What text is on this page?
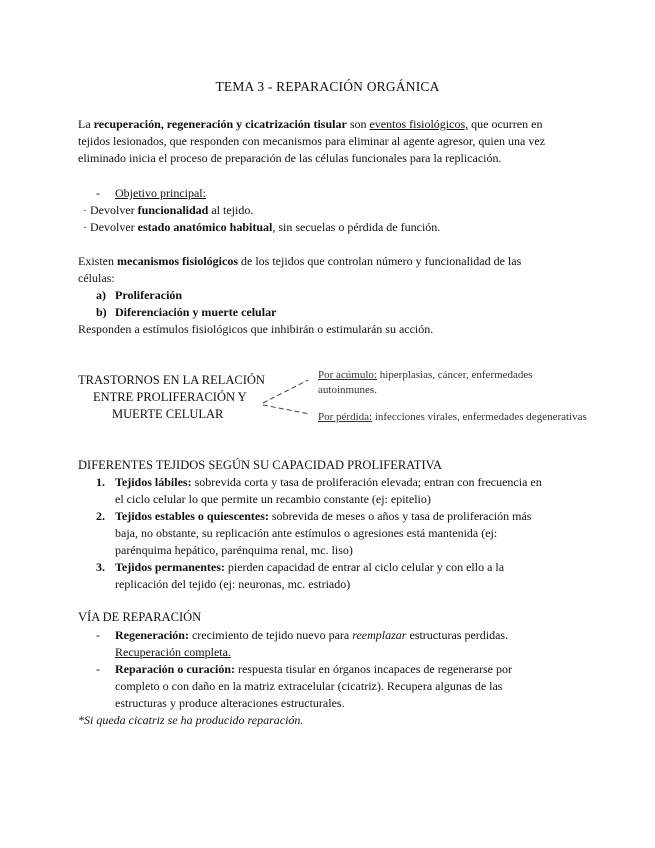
TEMA 3 - REPARACIÓN ORGÁNICA
La recuperación, regeneración y cicatrización tisular son eventos fisiológicos, que ocurren en
tejidos lesionados, que responden con mecanismos para eliminar al agente agresor, quien una vez
eliminado inicia el proceso de preparación de las células funcionales para la replicación.
- Objetivo principal:
· Devolver funcionalidad al tejido.
· Devolver estado anatómico habitual, sin secuelas o pérdida de función.
Existen mecanismos fisiológicos de los tejidos que controlan número y funcionalidad de las
células:
a) Proliferación
b) Diferenciación y muerte celular
Responden a estímulos fisiológicos que inhibirán o estimularán su acción.
TRASTORNOS EN LA RELACIÓN
ENTRE PROLIFERACIÓN Y
MUERTE CELULAR
Por acúmulo: hiperplasias, cáncer, enfermedades
autoinmunes.
Por pérdida: infecciones virales, enfermedades degenerativas
DIFERENTES TEJIDOS SEGÚN SU CAPACIDAD PROLIFERATIVA
1. Tejidos lábiles: sobrevida corta y tasa de proliferación elevada; entran con frecuencia en
el ciclo celular lo que permite un recambio constante (ej: epitelio)
2. Tejidos estables o quiescentes: sobrevida de meses o años y tasa de proliferación más
baja, no obstante, su replicación ante estímulos o agresiones está mantenida (ej:
parénquima hepático, parénquima renal, mc. liso)
3. Tejidos permanentes: pierden capacidad de entrar al ciclo celular y con ello a la
replicación del tejido (ej: neuronas, mc. estriado)
VÍA DE REPARACIÓN
- Regeneración: crecimiento de tejido nuevo para reemplazar estructuras perdidas.
Recuperación completa.
- Reparación o curación: respuesta tisular en órganos incapaces de regenerarse por
completo o con daño en la matriz extracelular (cicatriz). Recupera algunas de las
estructuras y produce alteraciones estructurales.
*Si queda cicatriz se ha producido reparación.
